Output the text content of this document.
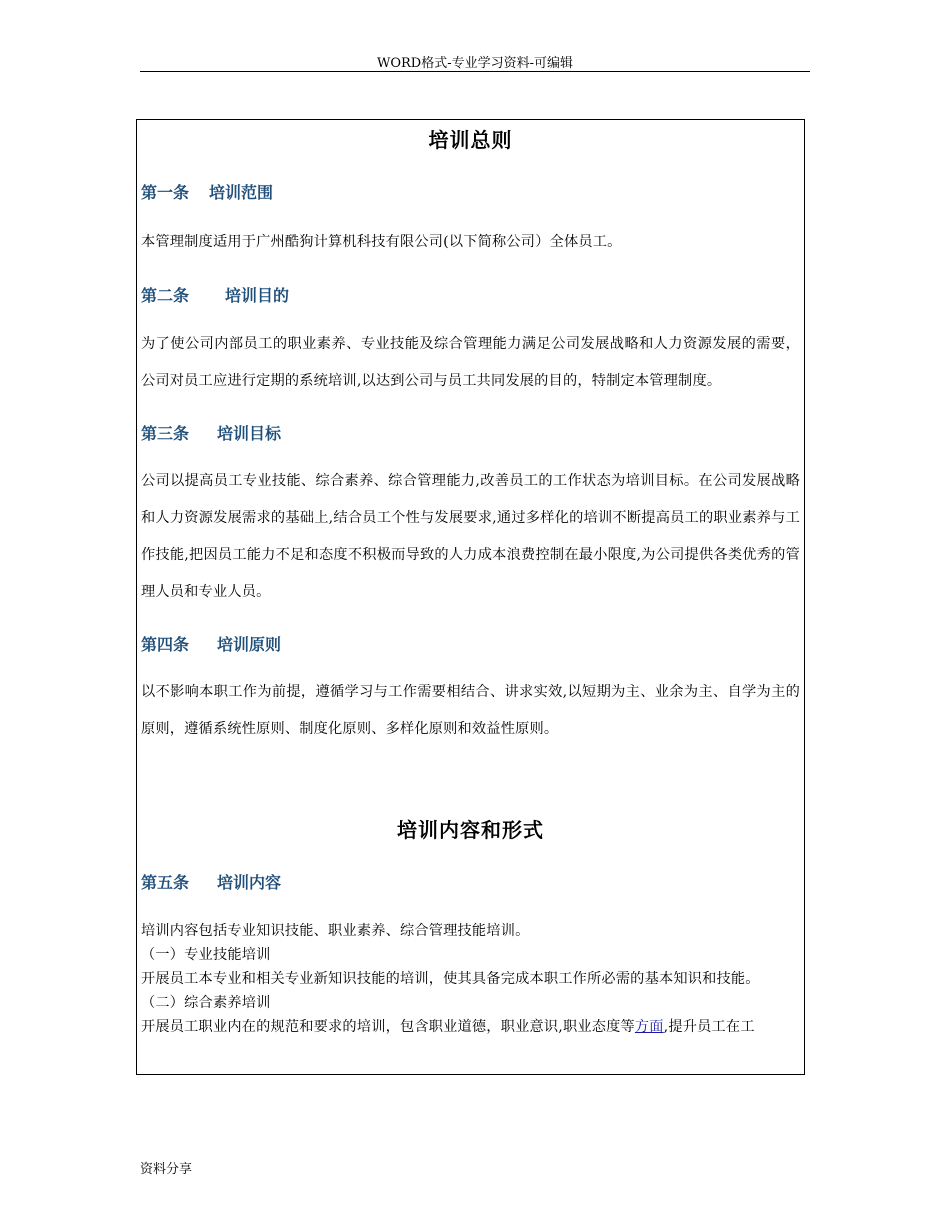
WORD格式-专业学习资料-可编辑
培训总则
第一条 培训范围

本管理制度适用于广州酷狗计算机科技有限公司(以下简称公司）全体员工。

第二条 培训目的

为了使公司内部员工的职业素养、专业技能及综合管理能力满足公司发展战略和人力资源发展的需要，公司对员工应进行定期的系统培训,以达到公司与员工共同发展的目的，特制定本管理制度。

第三条 培训目标

公司以提高员工专业技能、综合素养、综合管理能力,改善员工的工作状态为培训目标。在公司发展战略和人力资源发展需求的基础上,结合员工个性与发展要求,通过多样化的培训不断提高员工的职业素养与工作技能,把因员工能力不足和态度不积极而导致的人力成本浪费控制在最小限度,为公司提供各类优秀的管理人员和专业人员。

第四条 培训原则

以不影响本职工作为前提，遵循学习与工作需要相结合、讲求实效,以短期为主、业余为主、自学为主的原则，遵循系统性原则、制度化原则、多样化原则和效益性原则。

培训内容和形式
第五条 培训内容
培训内容包括专业知识技能、职业素养、综合管理技能培训。
（一）专业技能培训
开展员工本专业和相关专业新知识技能的培训，使其具备完成本职工作所必需的基本知识和技能。
（二）综合素养培训
开展员工职业内在的规范和要求的培训，包含职业道德，职业意识,职业态度等方面,提升员工在工
资料分享
